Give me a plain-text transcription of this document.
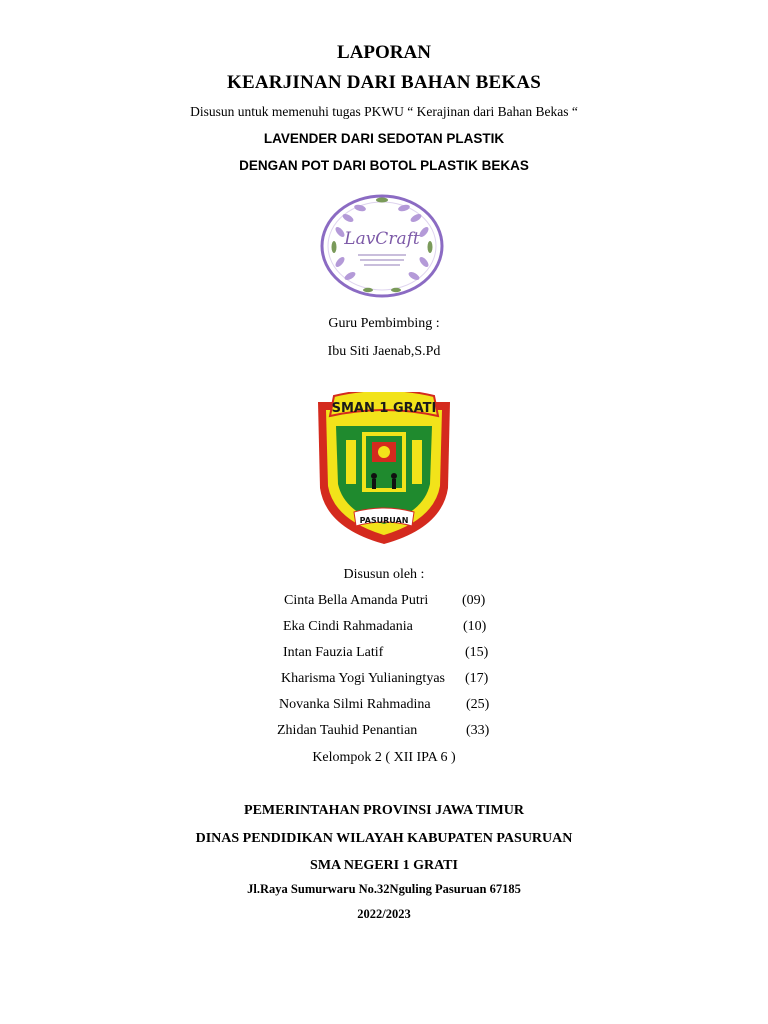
LAPORAN
KEARJINAN DARI BAHAN BEKAS
Disusun untuk memenuhi tugas PKWU “ Kerajinan dari Bahan Bekas “
LAVENDER DARI SEDOTAN PLASTIK
DENGAN POT DARI BOTOL PLASTIK BEKAS
LavCraft
Guru Pembimbing :
Ibu Siti Jaenab,S.Pd
SMAN 1 GRATI
PASURUAN
Disusun oleh :
Cinta Bella Amanda Putri (09)
Eka Cindi Rahmadania	(10)
Intan Fauzia Latif	(15)
Kharisma Yogi Yulianingtyas (17)
Novanka Silmi Rahmadina	(25)
Zhidan Tauhid Penantian	(33)
Kelompok 2 ( XII IPA 6 )
PEMERINTAHAN PROVINSI JAWA TIMUR
DINAS PENDIDIKAN WILAYAH KABUPATEN PASURUAN
SMA NEGERI 1 GRATI
Jl.Raya Sumurwaru No.32Nguling Pasuruan 67185
2022/2023
